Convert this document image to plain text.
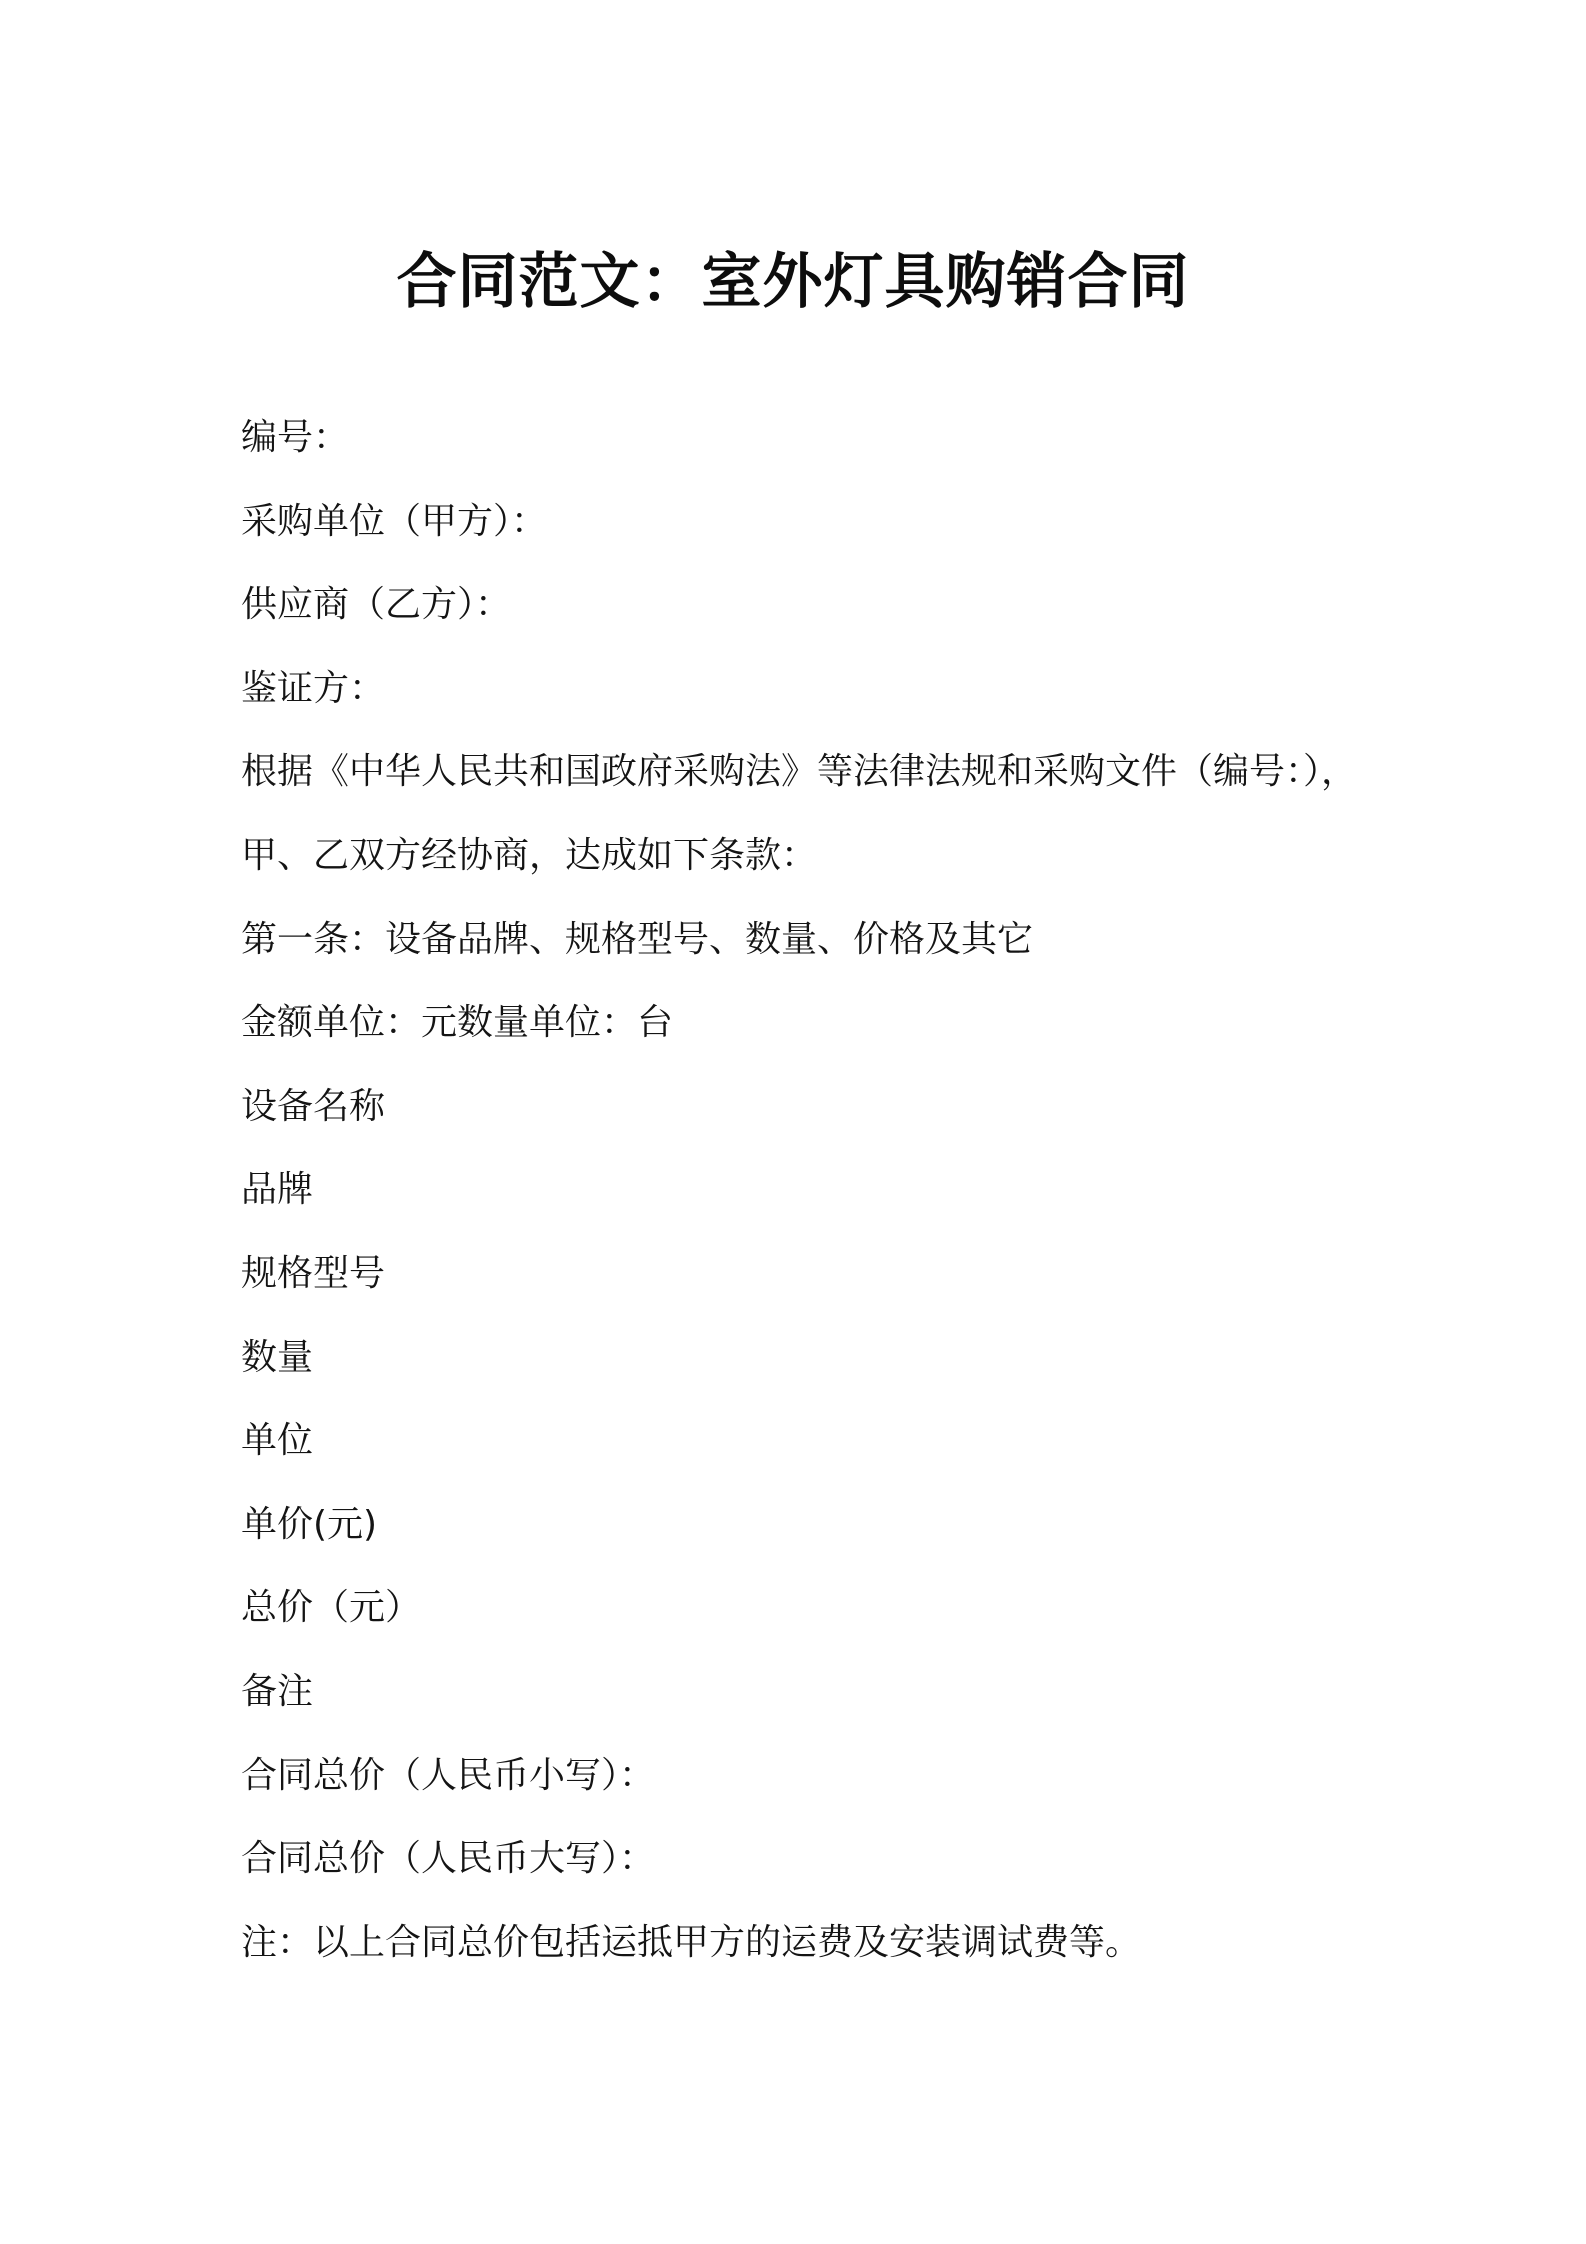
合同范文：室外灯具购销合同
编号：
采购单位（甲方）：
供应商（乙方）：
鉴证方：
根据《中华人民共和国政府采购法》等法律法规和采购文件（编号：），
甲、乙双方经协商，达成如下条款：
第一条：设备品牌、规格型号、数量、价格及其它
金额单位：元数量单位：台
设备名称
品牌
规格型号
数量
单位
单价(元)
总价（元）
备注
合同总价（人民币小写）：
合同总价（人民币大写）：
注：以上合同总价包括运抵甲方的运费及安装调试费等。
